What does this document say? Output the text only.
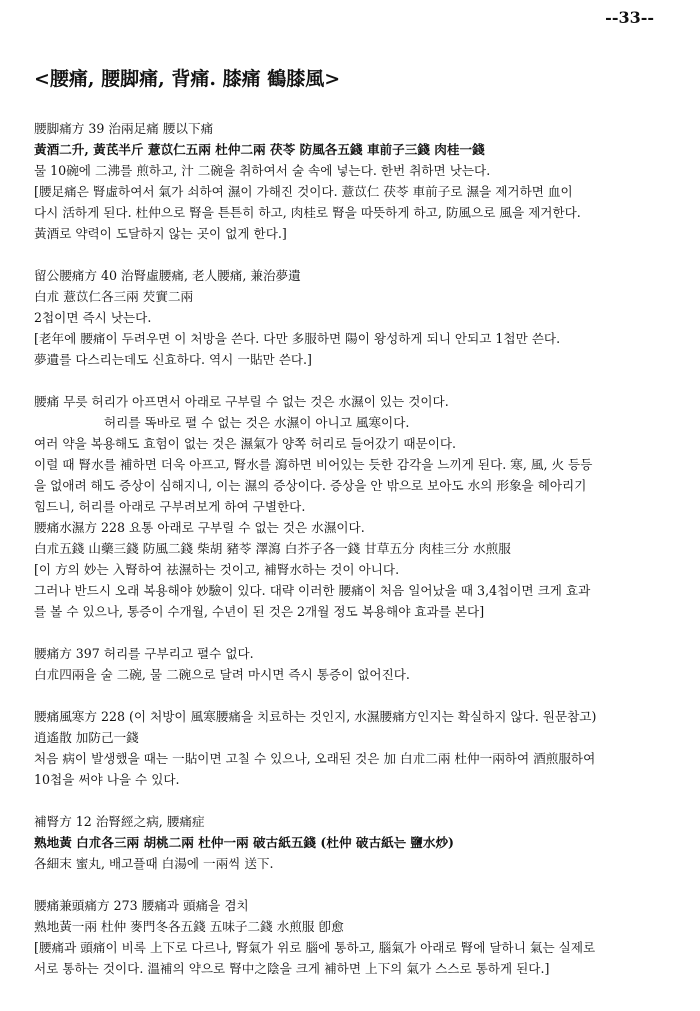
--33--
<腰痛, 腰脚痛, 背痛. 膝痛 鶴膝風>
腰脚痛方 39 治兩足痛 腰以下痛
黃酒二升, 黃芪半斤 薏苡仁五兩 杜仲二兩 茯苓 防風各五錢 車前子三錢 肉桂一錢
물 10碗에 二沸를 煎하고, 汁 二碗을 취하여서 술 속에 넣는다. 한번 취하면 낫는다.
[腰足痛은 腎虛하여서 氣가 쇠하여 濕이 가해진 것이다. 薏苡仁 茯苓 車前子로 濕을 제거하면 血이
다시 活하게 된다. 杜仲으로 腎을 튼튼히 하고, 肉桂로 腎을 따뜻하게 하고, 防風으로 風을 제거한다.
黃酒로 약력이 도달하지 않는 곳이 없게 한다.]
留公腰痛方 40 治腎虛腰痛, 老人腰痛, 兼治夢遺
白朮 薏苡仁各三兩 芡實二兩
2첩이면 즉시 낫는다.
[老年에 腰痛이 두려우면 이 처방을 쓴다. 다만 多服하면 陽이 왕성하게 되니 안되고 1첩만 쓴다.
夢遺를 다스리는데도 신효하다. 역시 一貼만 쓴다.]
腰痛 무릇 허리가 아프면서 아래로 구부릴 수 없는 것은 水濕이 있는 것이다.
허리를 똑바로 펼 수 없는 것은 水濕이 아니고 風寒이다.
여러 약을 복용해도 효험이 없는 것은 濕氣가 양쪽 허리로 들어갔기 때문이다.
이럴 때 腎水를 補하면 더욱 아프고, 腎水를 瀉하면 비어있는 듯한 감각을 느끼게 된다. 寒, 風, 火 등등
을 없애려 해도 증상이 심해지니, 이는 濕의 증상이다. 증상을 안 밖으로 보아도 水의 形象을 헤아리기
힘드니, 허리를 아래로 구부려보게 하여 구별한다.
腰痛水濕方 228 요통 아래로 구부릴 수 없는 것은 水濕이다.
白朮五錢 山藥三錢 防風二錢 柴胡 豬苓 澤瀉 白芥子各一錢 甘草五分 肉桂三分 水煎服
[이 方의 妙는 入腎하여 祛濕하는 것이고, 補腎水하는 것이 아니다.
그러나 반드시 오래 복용해야 妙驗이 있다. 대략 이러한 腰痛이 처음 일어났을 때 3,4첩이면 크게 효과
를 볼 수 있으나, 통증이 수개월, 수년이 된 것은 2개월 정도 복용해야 효과를 본다]
腰痛方 397 허리를 구부리고 펼수 없다.
白朮四兩을 술 二碗, 물 二碗으로 달려 마시면 즉시 통증이 없어진다.
腰痛風寒方 228 (이 처방이 風寒腰痛을 치료하는 것인지, 水濕腰痛方인지는 확실하지 않다. 원문참고)
逍遙散 加防己一錢
처음 病이 발생했을 때는 一貼이면 고칠 수 있으나, 오래된 것은 加 白朮二兩 杜仲一兩하여 酒煎服하여
10첩을 써야 나을 수 있다.
補腎方 12 治腎經之病, 腰痛症
熟地黃 白朮各三兩 胡桃二兩 杜仲一兩 破古紙五錢 (杜仲 破古紙는 鹽水炒)
各細末 蜜丸, 배고플때 白湯에 一兩씩 送下.
腰痛兼頭痛方 273 腰痛과 頭痛을 겸치
熟地黃一兩 杜仲 麥門冬各五錢 五味子二錢 水煎服 卽愈
[腰痛과 頭痛이 비록 上下로 다르나, 腎氣가 위로 腦에 통하고, 腦氣가 아래로 腎에 달하니 氣는 실제로
서로 통하는 것이다. 溫補의 약으로 腎中之陰을 크게 補하면 上下의 氣가 스스로 통하게 된다.]
